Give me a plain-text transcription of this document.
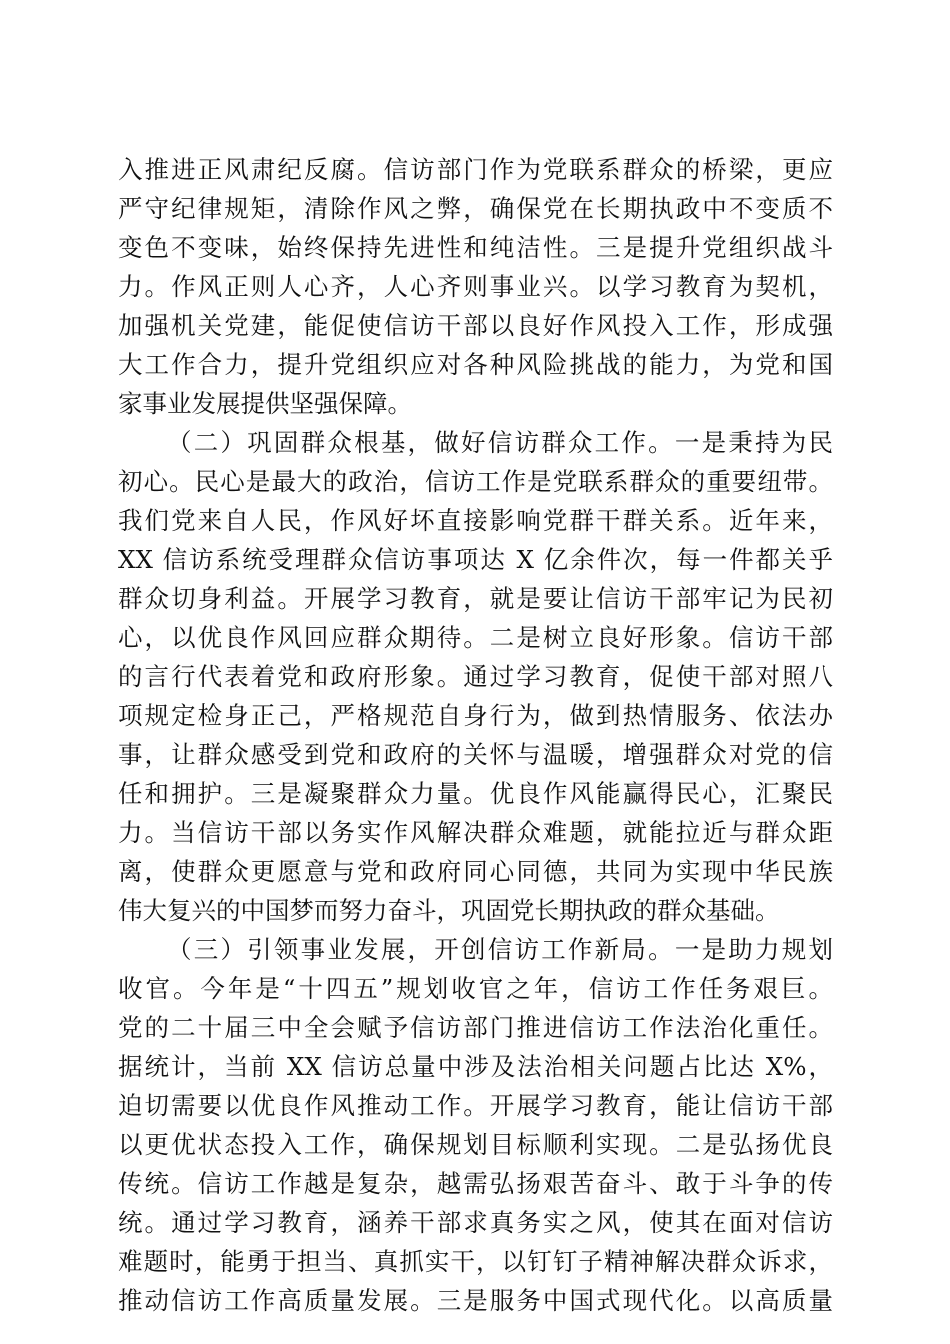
入推进正风肃纪反腐。信访部门作为党联系群众的桥梁，更应
严守纪律规矩，清除作风之弊，确保党在长期执政中不变质不
变色不变味，始终保持先进性和纯洁性。三是提升党组织战斗
力。作风正则人心齐，人心齐则事业兴。以学习教育为契机，
加强机关党建，能促使信访干部以良好作风投入工作，形成强
大工作合力，提升党组织应对各种风险挑战的能力，为党和国
家事业发展提供坚强保障。
（二）巩固群众根基，做好信访群众工作。一是秉持为民
初心。民心是最大的政治，信访工作是党联系群众的重要纽带。
我们党来自人民，作风好坏直接影响党群干群关系。近年来，
XX 信访系统受理群众信访事项达 X 亿余件次，每一件都关乎
群众切身利益。开展学习教育，就是要让信访干部牢记为民初
心，以优良作风回应群众期待。二是树立良好形象。信访干部
的言行代表着党和政府形象。通过学习教育，促使干部对照八
项规定检身正己，严格规范自身行为，做到热情服务、依法办
事，让群众感受到党和政府的关怀与温暖，增强群众对党的信
任和拥护。三是凝聚群众力量。优良作风能赢得民心，汇聚民
力。当信访干部以务实作风解决群众难题，就能拉近与群众距
离，使群众更愿意与党和政府同心同德，共同为实现中华民族
伟大复兴的中国梦而努力奋斗，巩固党长期执政的群众基础。
（三）引领事业发展，开创信访工作新局。一是助力规划
收官。今年是“十四五”规划收官之年，信访工作任务艰巨。
党的二十届三中全会赋予信访部门推进信访工作法治化重任。
据统计，当前 XX 信访总量中涉及法治相关问题占比达 X%，
迫切需要以优良作风推动工作。开展学习教育，能让信访干部
以更优状态投入工作，确保规划目标顺利实现。二是弘扬优良
传统。信访工作越是复杂，越需弘扬艰苦奋斗、敢于斗争的传
统。通过学习教育，涵养干部求真务实之风，使其在面对信访
难题时，能勇于担当、真抓实干，以钉钉子精神解决群众诉求，
推动信访工作高质量发展。三是服务中国式现代化。以高质量
